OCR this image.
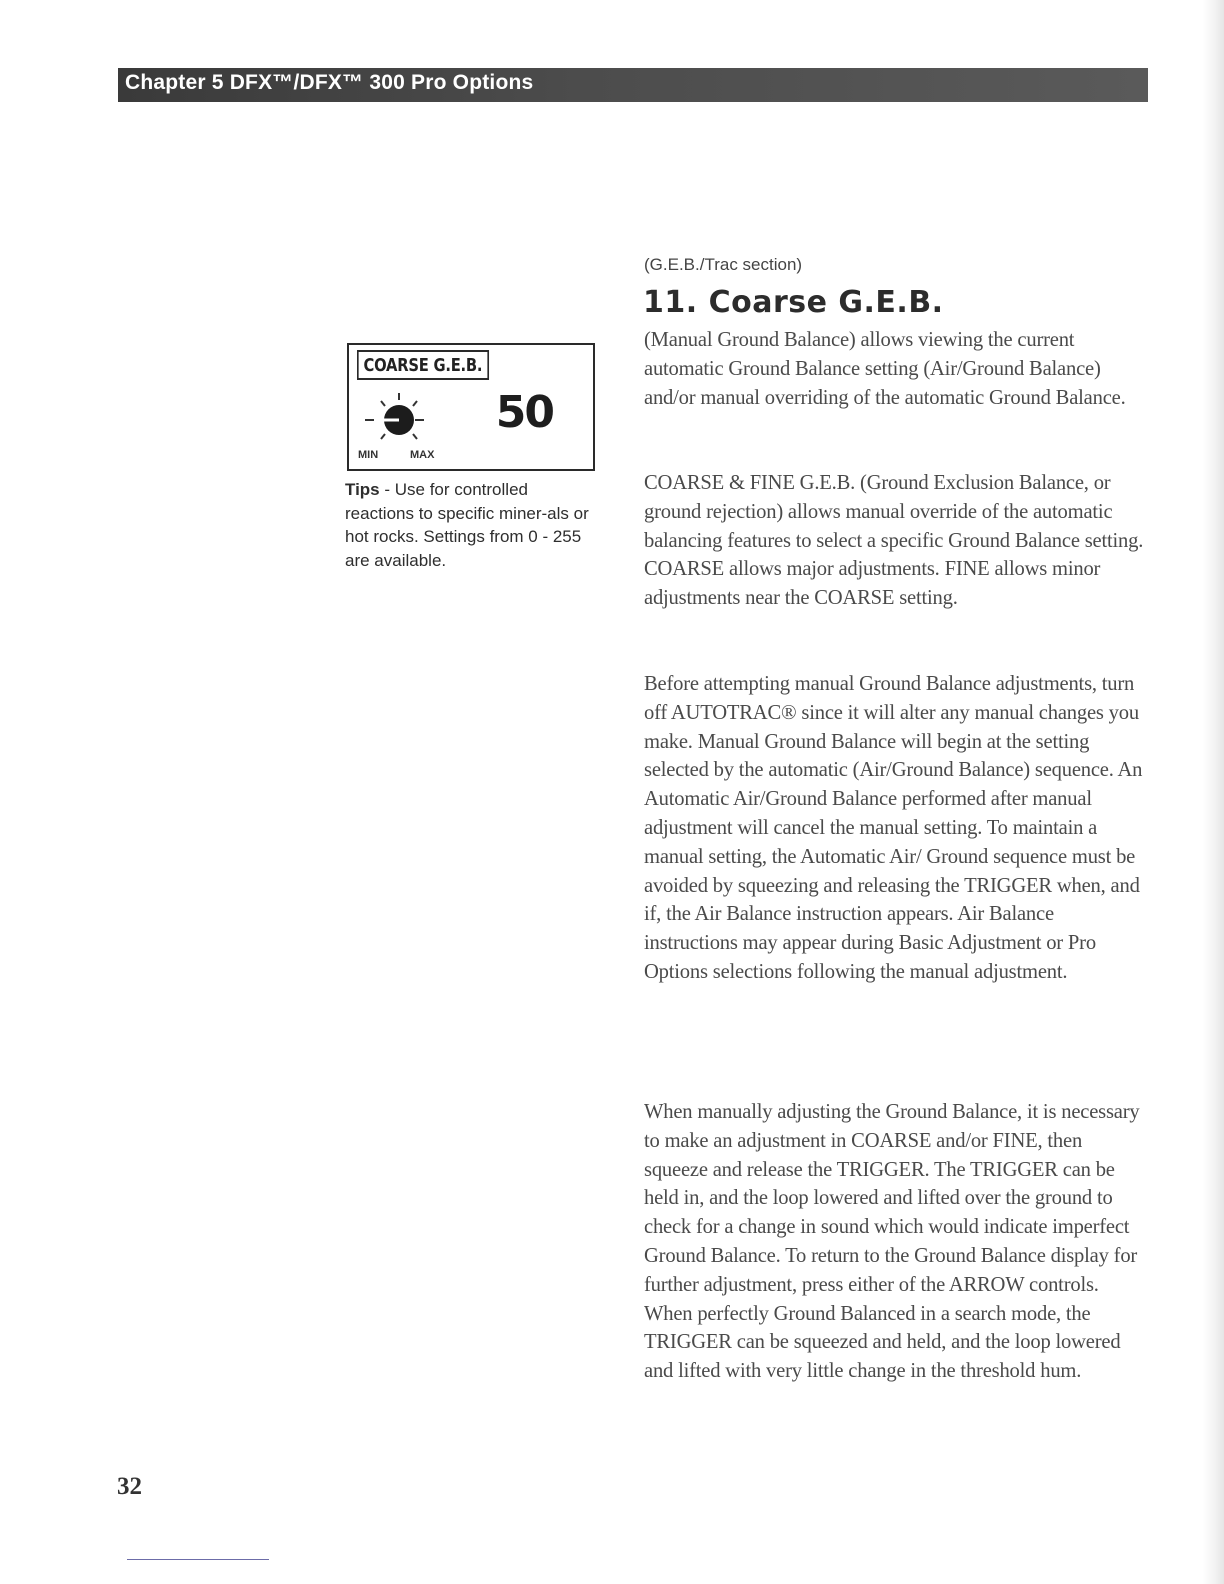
Chapter 5 DFX™/DFX™ 300 Pro Options
COARSE G.E.B.
50
MIN	MAX
Tips - Use for controlled reactions to specific miner-als or hot rocks. Settings from 0 - 255 are available.
(G.E.B./Trac section)
11. Coarse G.E.B.

(Manual Ground Balance) allows viewing the current automatic Ground Balance setting (Air/Ground Balance) and/or manual overriding of the automatic Ground Balance.

COARSE & FINE G.E.B. (Ground Exclusion Balance, or ground rejection) allows manual override of the automatic balancing features to select a specific Ground Balance setting. COARSE allows major adjustments. FINE allows minor adjustments near the COARSE setting.

Before attempting manual Ground Balance adjustments, turn off AUTOTRAC® since it will alter any manual changes you make. Manual Ground Balance will begin at the setting selected by the automatic (Air/Ground Balance) sequence. An Automatic Air/Ground Balance performed after manual adjustment will cancel the manual setting. To maintain a manual setting, the Automatic Air/ Ground sequence must be avoided by squeezing and releasing the TRIGGER when, and if, the Air Balance instruction appears. Air Balance instructions may appear during Basic Adjustment or Pro Options selections following the manual adjustment.

When manually adjusting the Ground Balance, it is necessary to make an adjustment in COARSE and/or FINE, then squeeze and release the TRIGGER. The TRIGGER can be held in, and the loop lowered and lifted over the ground to check for a change in sound which would indicate imperfect Ground Balance. To return to the Ground Balance display for further adjustment, press either of the ARROW controls. When perfectly Ground Balanced in a search mode, the TRIGGER can be squeezed and held, and the loop lowered and lifted with very little change in the threshold hum.

32
